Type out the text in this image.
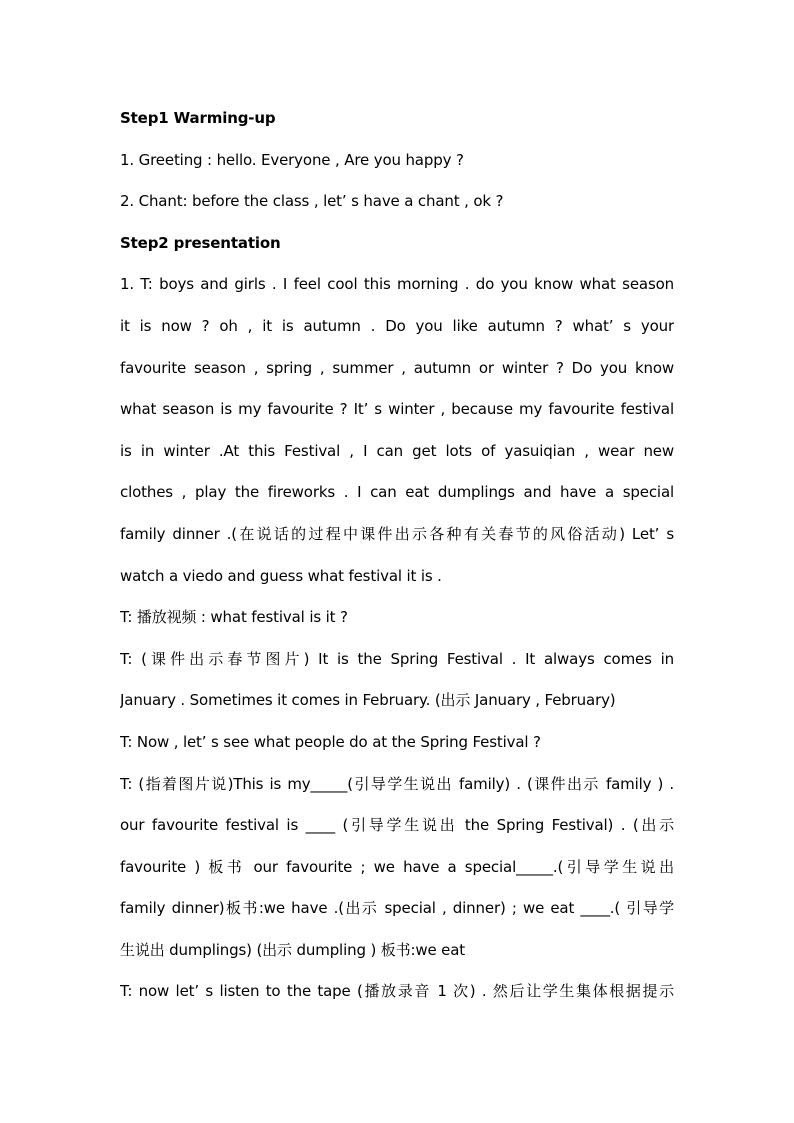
Step1 Warming-up
1. Greeting : hello. Everyone , Are you happy ?
2. Chant: before the class , let’ s have a chant , ok ?
Step2 presentation
1. T: boys and girls . I feel cool this morning . do you know what season
it is now ? oh , it is autumn . Do you like autumn ? what’ s your
favourite season , spring , summer , autumn or winter ? Do you know
what season is my favourite ? It’ s winter , because my favourite festival
is in winter .At this Festival , I can get lots of yasuiqian , wear new
clothes , play the fireworks . I can eat dumplings and have a special
family dinner .(在说话的过程中课件出示各种有关春节的风俗活动) Let’ s
watch a viedo and guess what festival it is .
T: 播放视频 : what festival is it ?
T: (课件出示春节图片) It is the Spring Festival . It always comes in
January . Sometimes it comes in February. (出示 January , February)
T: Now , let’ s see what people do at the Spring Festival ?
T: (指着图片说)This is my_____(引导学生说出 family) . (课件出示 family ) .
our favourite festival is ____ (引导学生说出 the Spring Festival) . (出示
favourite ) 板书 our favourite ; we have a special_____.(引导学生说出
family dinner)板书:we have .(出示 special , dinner) ; we eat ____.( 引导学
生说出 dumplings) (出示 dumpling ) 板书:we eat
T: now let’ s listen to the tape (播放录音 1 次) . 然后让学生集体根据提示
